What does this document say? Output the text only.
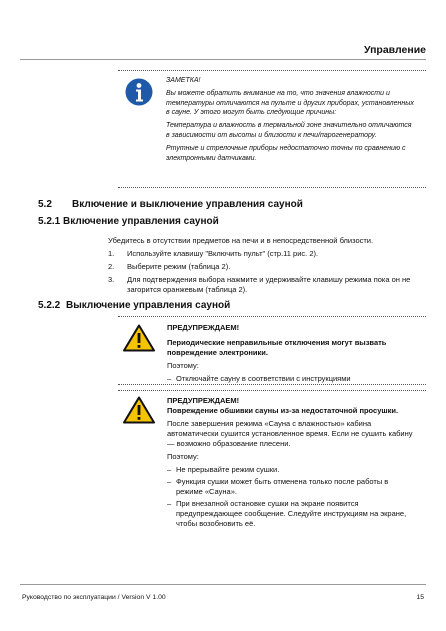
Управление

ЗАМЕТКА!

Вы можете обратить внимание на то, что значения влажности и температуры отличаются на пульте и других приборах, установленных в сауне. У этого могут быть следующие причины:

Температура и влажность в термальной зоне значительно отличаются в зависимости от высоты и близости к печи/парогенератору.

Ртутные и стрелочные приборы недостаточно точны по сравнению с электронными датчиками.

5.2 Включение и выключение управления сауной
5.2.1 Включение управления сауной
Убедитесь в отсутствии предметов на печи и в непосредственной близости.
1. Используйте клавишу "Включить пульт" (стр.11 рис. 2).
2. Выберите режим (таблица 2).
3. Для подтверждения выбора нажмите и удерживайте клавишу режима пока он не загорится оранжевым (таблица 2).
5.2.2 Выключение управления сауной

ПРЕДУПРЕЖДАЕМ!

Периодические неправильные отключения могут вызвать повреждение электроники.

Поэтому:

– Отключайте сауну в соответствии с инструкциями

ПРЕДУПРЕЖДАЕМ!

Повреждение обшивки сауны из-за недостаточной просушки.

После завершения режима «Сауна с влажностью» кабина автоматически сушится установленное время. Если не сушить кабину — возможно образование плесени.

Поэтому:

– Не прерывайте режим сушки.
– Функция сушки может быть отменена только после работы в режиме «Сауна».
– При внезапной остановке сушки на экране появится предупреждающее сообщение. Следуйте инструкциям на экране, чтобы возобновить её.
Руководство по эксплуатации / Version V 1.00	15
